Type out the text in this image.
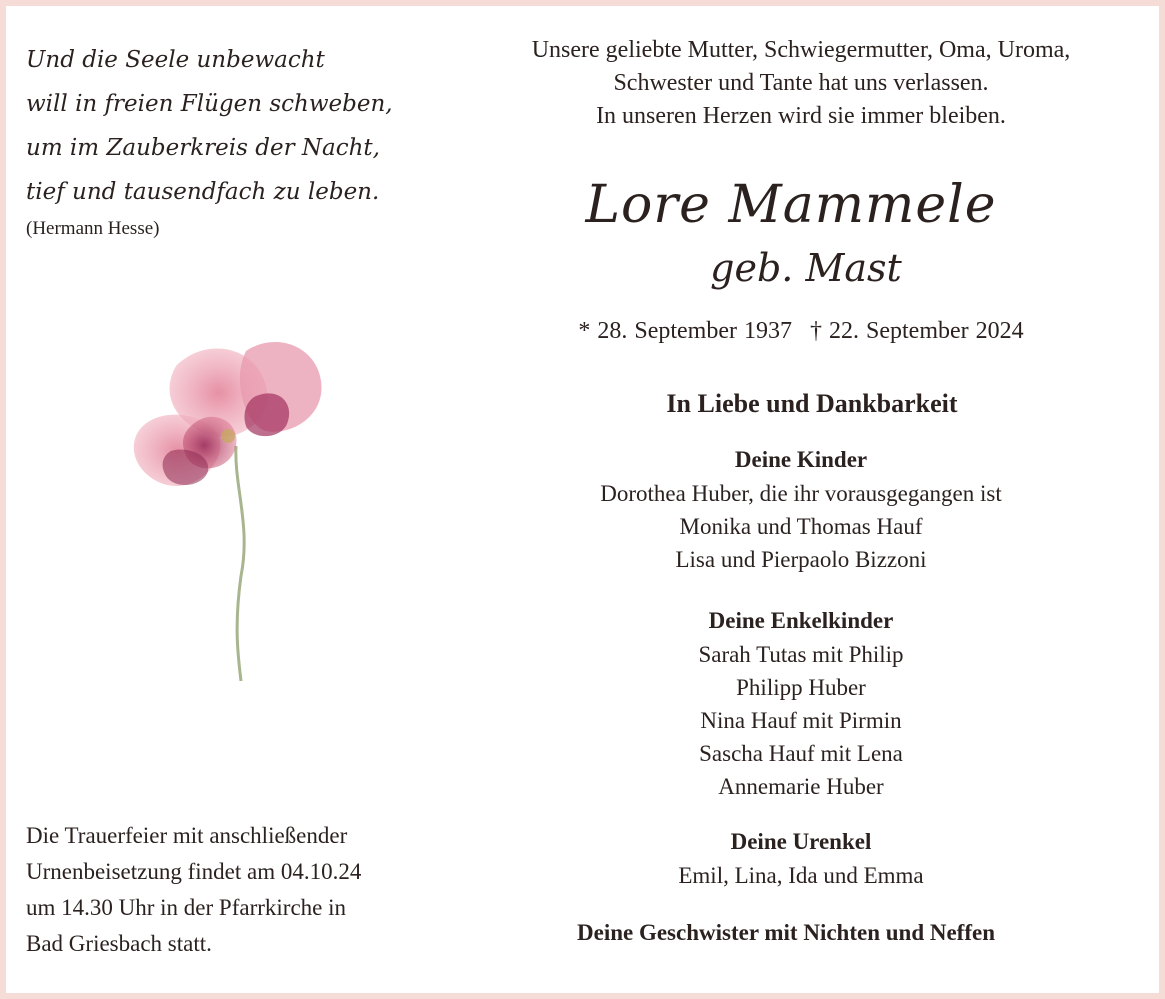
Und die Seele unbewacht
will in freien Flügen schweben,
um im Zauberkreis der Nacht,
tief und tausendfach zu leben.
(Hermann Hesse)
Die Trauerfeier mit anschließender
Urnenbeisetzung findet am 04.10.24
um 14.30 Uhr in der Pfarrkirche in
Bad Griesbach statt.
Unsere geliebte Mutter, Schwiegermutter, Oma, Uroma,
Schwester und Tante hat uns verlassen.
In unseren Herzen wird sie immer bleiben.
Lore Mammele
geb. Mast
* 28. September 1937 † 22. September 2024
In Liebe und Dankbarkeit
Deine Kinder
Dorothea Huber, die ihr vorausgegangen ist
Monika und Thomas Hauf
Lisa und Pierpaolo Bizzoni
Deine Enkelkinder
Sarah Tutas mit Philip
Philipp Huber
Nina Hauf mit Pirmin
Sascha Hauf mit Lena
Annemarie Huber
Deine Urenkel
Emil, Lina, Ida und Emma
Deine Geschwister mit Nichten und Neffen
